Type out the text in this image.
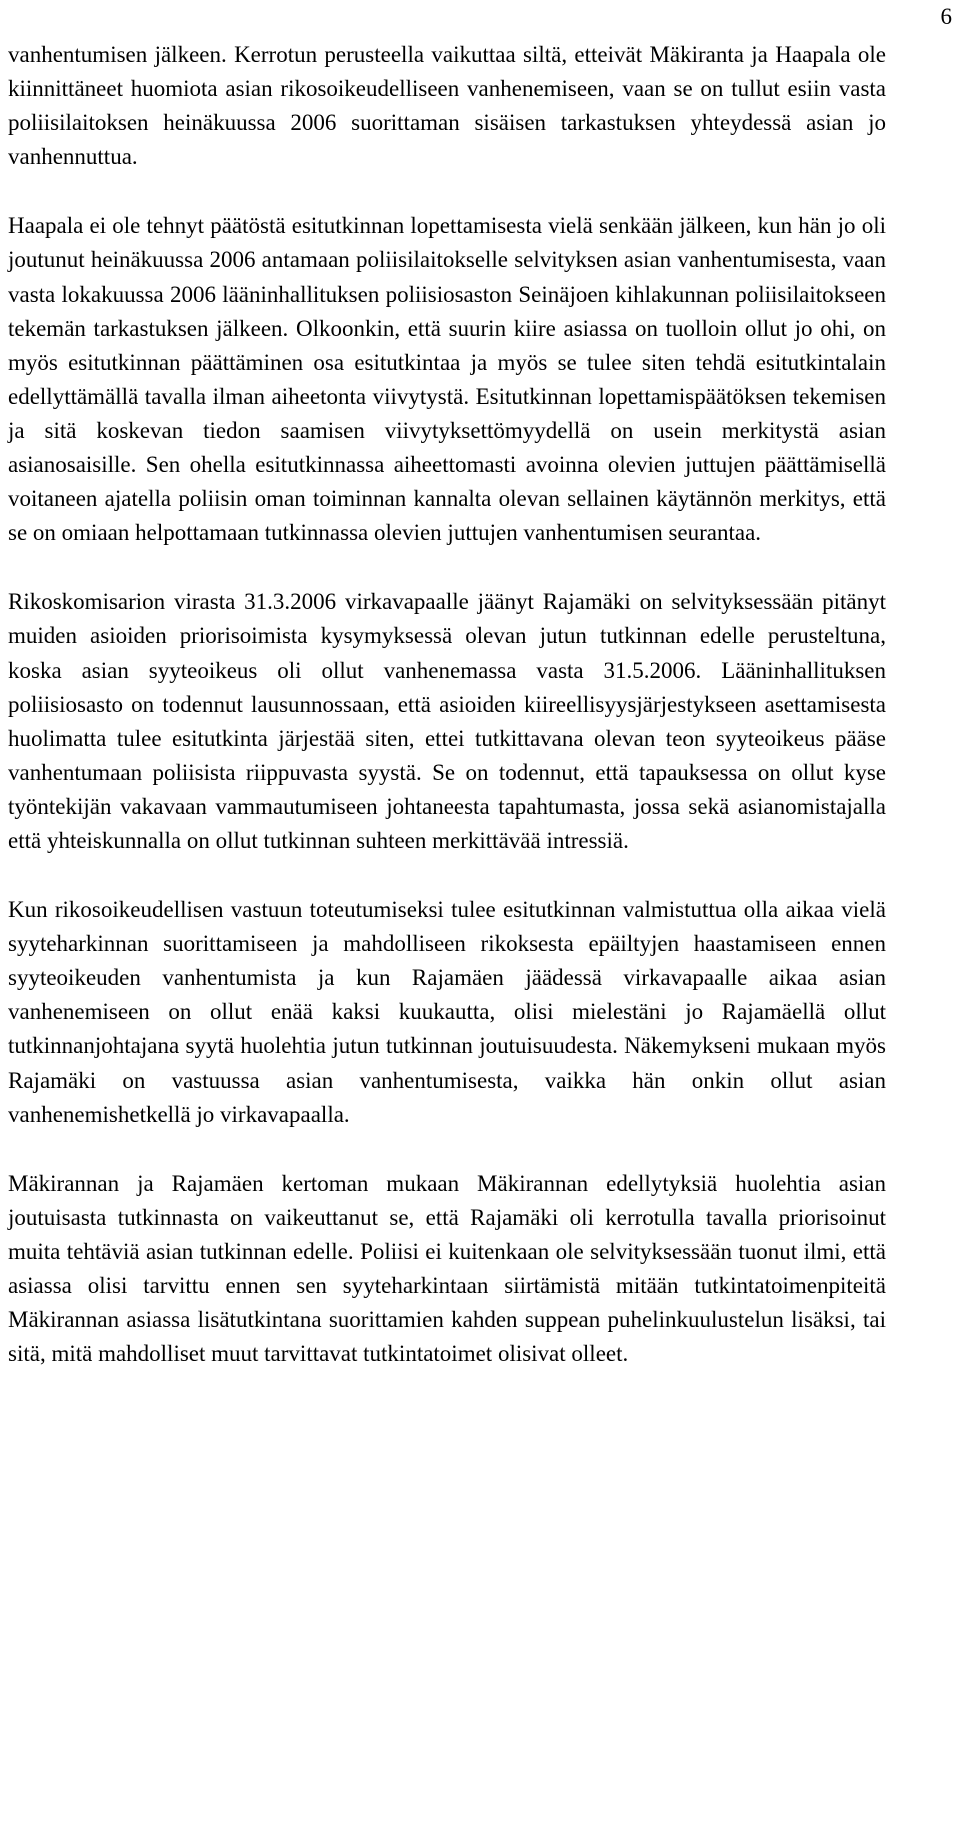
6

vanhentumisen jälkeen. Kerrotun perusteella vaikuttaa siltä, etteivät Mäkiranta ja Haapala ole kiinnittäneet huomiota asian rikosoikeudelliseen vanhenemiseen, vaan se on tullut esiin vasta poliisilaitoksen heinäkuussa 2006 suorittaman sisäisen tarkastuksen yhteydessä asian jo vanhennuttua.

Haapala ei ole tehnyt päätöstä esitutkinnan lopettamisesta vielä senkään jälkeen, kun hän jo oli joutunut heinäkuussa 2006 antamaan poliisilaitokselle selvityksen asian vanhentumisesta, vaan vasta lokakuussa 2006 lääninhallituksen poliisiosaston Seinäjoen kihlakunnan poliisilaitokseen tekemän tarkastuksen jälkeen. Olkoonkin, että suurin kiire asiassa on tuolloin ollut jo ohi, on myös esitutkinnan päättäminen osa esitutkintaa ja myös se tulee siten tehdä esitutkintalain edellyttämällä tavalla ilman aiheetonta viivytystä. Esitutkinnan lopettamispäätöksen tekemisen ja sitä koskevan tiedon saamisen viivytyksettömyydellä on usein merkitystä asian asianosaisille. Sen ohella esitutkinnassa aiheettomasti avoinna olevien juttujen päättämisellä voitaneen ajatella poliisin oman toiminnan kannalta olevan sellainen käytännön merkitys, että se on omiaan helpottamaan tutkinnassa olevien juttujen vanhentumisen seurantaa.

Rikoskomisarion virasta 31.3.2006 virkavapaalle jäänyt Rajamäki on selvityksessään pitänyt muiden asioiden priorisoimista kysymyksessä olevan jutun tutkinnan edelle perusteltuna, koska asian syyteoikeus oli ollut vanhenemassa vasta 31.5.2006. Lääninhallituksen poliisiosasto on todennut lausunnossaan, että asioiden kiireellisyysjärjestykseen asettamisesta huolimatta tulee esitutkinta järjestää siten, ettei tutkittavana olevan teon syyteoikeus pääse vanhentumaan poliisista riippuvasta syystä. Se on todennut, että tapauksessa on ollut kyse työntekijän vakavaan vammautumiseen johtaneesta tapahtumasta, jossa sekä asianomistajalla että yhteiskunnalla on ollut tutkinnan suhteen merkittävää intressiä.

Kun rikosoikeudellisen vastuun toteutumiseksi tulee esitutkinnan valmistuttua olla aikaa vielä syyteharkinnan suorittamiseen ja mahdolliseen rikoksesta epäiltyjen haastamiseen ennen syyteoikeuden vanhentumista ja kun Rajamäen jäädessä virkavapaalle aikaa asian vanhenemiseen on ollut enää kaksi kuukautta, olisi mielestäni jo Rajamäellä ollut tutkinnanjohtajana syytä huolehtia jutun tutkinnan joutuisuudesta. Näkemykseni mukaan myös Rajamäki on vastuussa asian vanhentumisesta, vaikka hän onkin ollut asian vanhenemishetkellä jo virkavapaalla.

Mäkirannan ja Rajamäen kertoman mukaan Mäkirannan edellytyksiä huolehtia asian joutuisasta tutkinnasta on vaikeuttanut se, että Rajamäki oli kerrotulla tavalla priorisoinut muita tehtäviä asian tutkinnan edelle. Poliisi ei kuitenkaan ole selvityksessään tuonut ilmi, että asiassa olisi tarvittu ennen sen syyteharkintaan siirtämistä mitään tutkintatoimenpiteitä Mäkirannan asiassa lisätutkintana suorittamien kahden suppean puhelinkuulustelun lisäksi, tai sitä, mitä mahdolliset muut tarvittavat tutkintatoimet olisivat olleet.
